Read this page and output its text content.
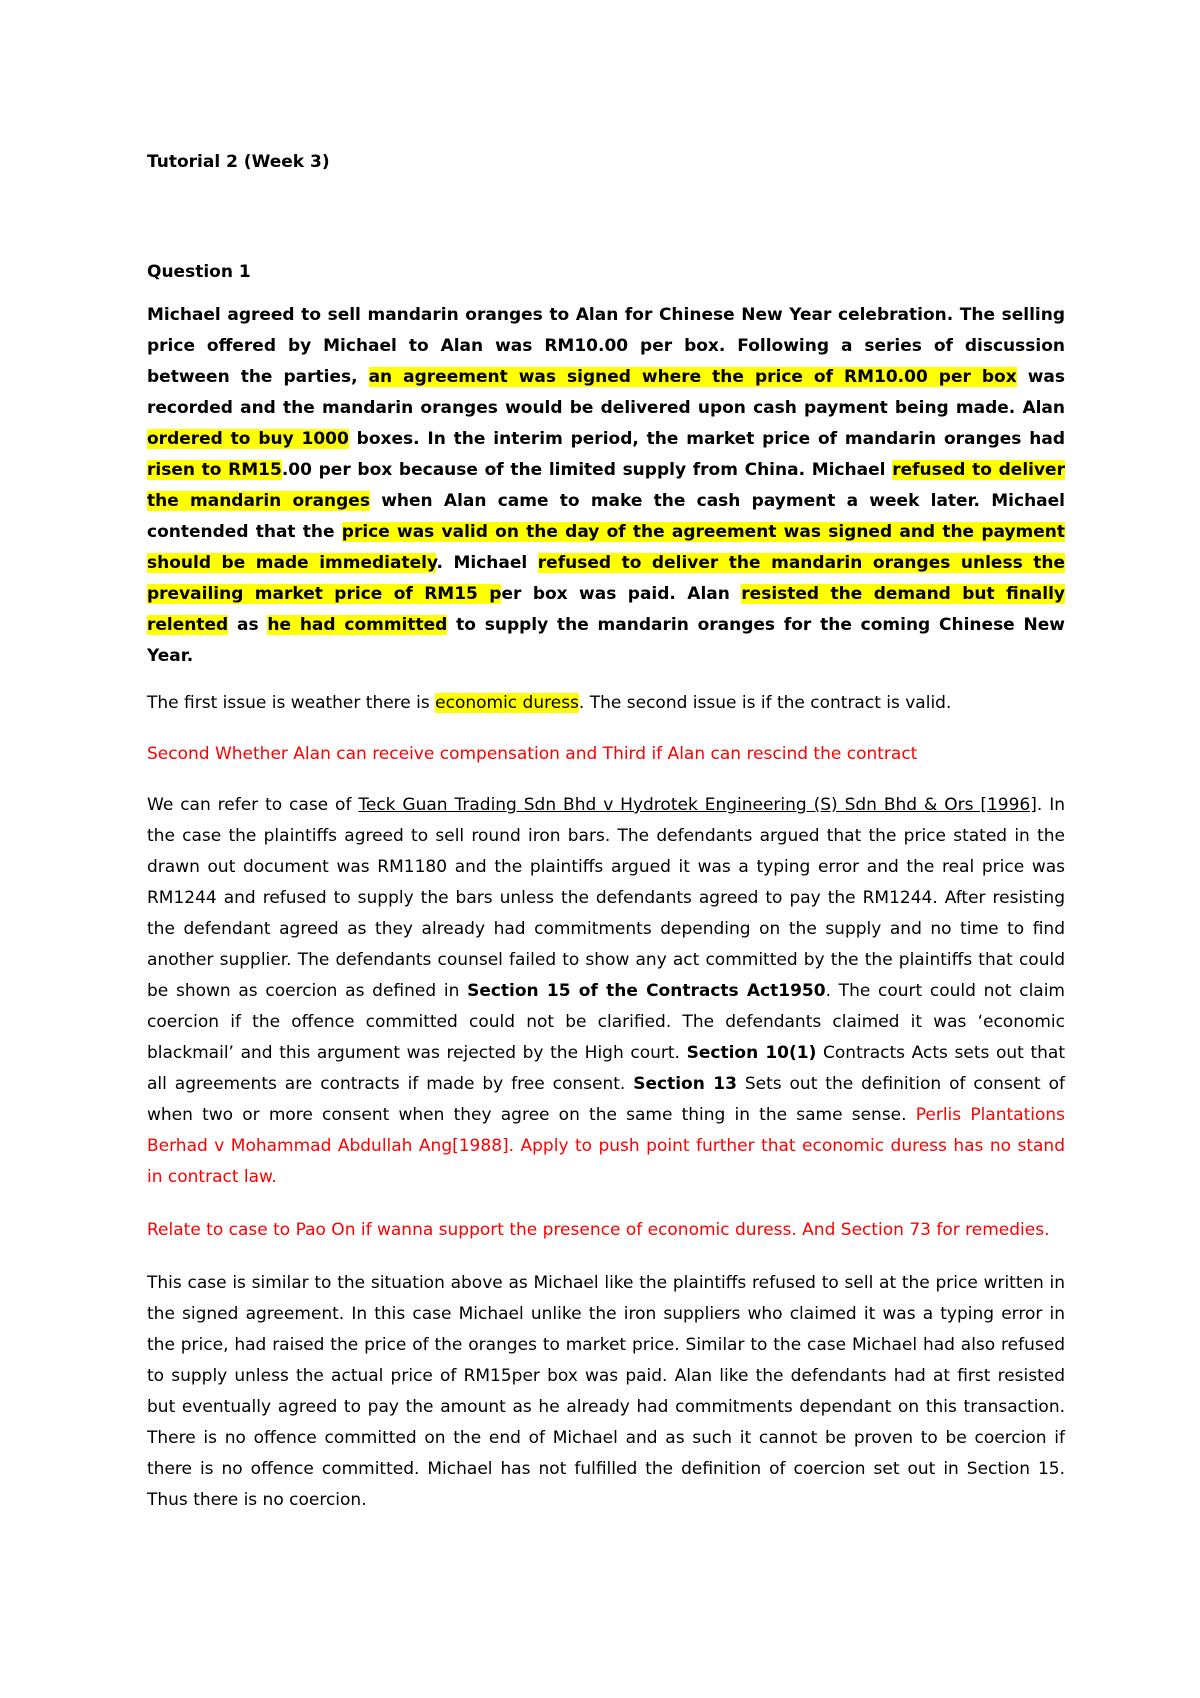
Tutorial 2 (Week 3)

Question 1

Michael agreed to sell mandarin oranges to Alan for Chinese New Year celebration. The selling price offered by Michael to Alan was RM10.00 per box. Following a series of discussion between the parties, an agreement was signed where the price of RM10.00 per box was recorded and the mandarin oranges would be delivered upon cash payment being made. Alan ordered to buy 1000 boxes. In the interim period, the market price of mandarin oranges had risen to RM15.00 per box because of the limited supply from China. Michael refused to deliver the mandarin oranges when Alan came to make the cash payment a week later. Michael contended that the price was valid on the day of the agreement was signed and the payment should be made immediately. Michael refused to deliver the mandarin oranges unless the prevailing market price of RM15 per box was paid. Alan resisted the demand but finally relented as he had committed to supply the mandarin oranges for the coming Chinese New Year.

The first issue is weather there is economic duress. The second issue is if the contract is valid.

Second Whether Alan can receive compensation and Third if Alan can rescind the contract

We can refer to case of Teck Guan Trading Sdn Bhd v Hydrotek Engineering (S) Sdn Bhd & Ors [1996]. In the case the plaintiffs agreed to sell round iron bars. The defendants argued that the price stated in the drawn out document was RM1180 and the plaintiffs argued it was a typing error and the real price was RM1244 and refused to supply the bars unless the defendants agreed to pay the RM1244. After resisting the defendant agreed as they already had commitments depending on the supply and no time to find another supplier. The defendants counsel failed to show any act committed by the the plaintiffs that could be shown as coercion as defined in Section 15 of the Contracts Act1950. The court could not claim coercion if the offence committed could not be clarified. The defendants claimed it was ‘economic blackmail’ and this argument was rejected by the High court. Section 10(1) Contracts Acts sets out that all agreements are contracts if made by free consent. Section 13 Sets out the definition of consent of when two or more consent when they agree on the same thing in the same sense. Perlis Plantations Berhad v Mohammad Abdullah Ang[1988]. Apply to push point further that economic duress has no stand in contract law.

Relate to case to Pao On if wanna support the presence of economic duress. And Section 73 for remedies.

This case is similar to the situation above as Michael like the plaintiffs refused to sell at the price written in the signed agreement. In this case Michael unlike the iron suppliers who claimed it was a typing error in the price, had raised the price of the oranges to market price. Similar to the case Michael had also refused to supply unless the actual price of RM15per box was paid. Alan like the defendants had at first resisted but eventually agreed to pay the amount as he already had commitments dependant on this transaction. There is no offence committed on the end of Michael and as such it cannot be proven to be coercion if there is no offence committed. Michael has not fulfilled the definition of coercion set out in Section 15. Thus there is no coercion.
